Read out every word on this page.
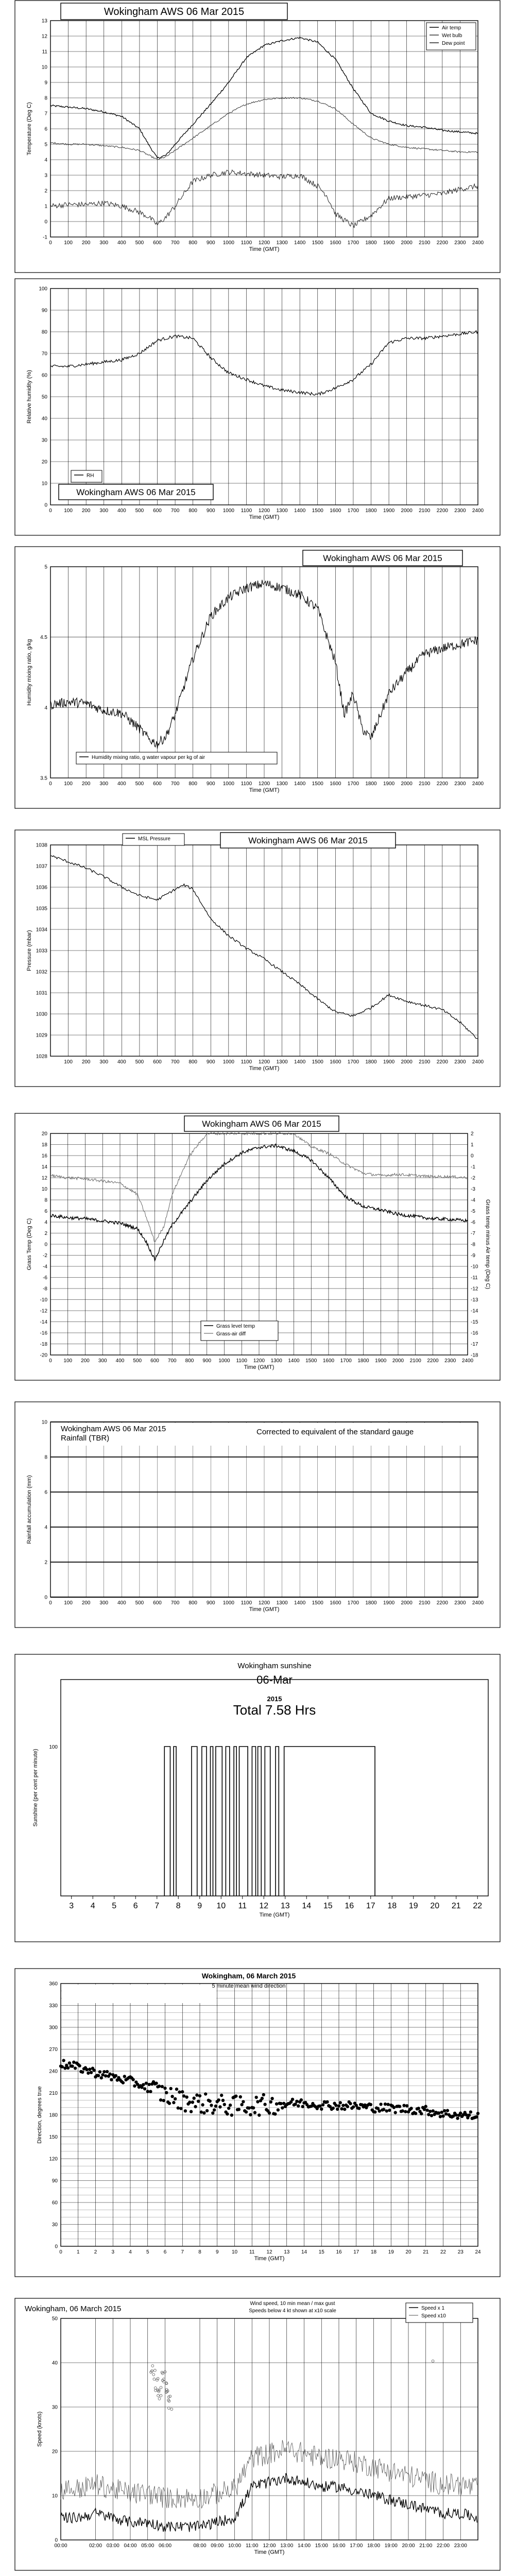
-1
0
1
2
3
4
5
6
7
8
9
10
11
12
13
0 100 200 300 400 500 600 700 800 900 1000 1100 1200 1300 1400 1500 1600 1700 1800 1900 2000 2100 2200 2300 2400
Time (GMT)
Temperature (Deg C)
Wokingham AWS 06 Mar 2015
Air temp
Wet bulb
Dew point
0
10
20
30
40
50
60
70
80
90
100
0 100 200 300 400 500 600 700 800 900 1000 1100 1200 1300 1400 1500 1600 1700 1800 1900 2000 2100 2200 2300 2400
Time (GMT)
Relative humidity (%)
RH
Wokingham AWS 06 Mar 2015
3.5
4
4.5
5
0 100 200 300 400 500 600 700 800 900 1000 1100 1200 1300 1400 1500 1600 1700 1800 1900 2000 2100 2200 2300 2400
Time (GMT)
Humidity mixing ratio, g/kg
Wokingham AWS 06 Mar 2015
Humidity mixing ratio, g water vapour per kg of air
1028
1029
1030
1031
1032
1033
1034
1035
1036
1037
1038
100 200 300 400 500 600 700 800 900 1000 1100 1200 1300 1400 1500 1600 1700 1800 1900 2000 2100 2200 2300 2400
Time (GMT)
Pressure (mbar)
MSL Pressure	Wokingham AWS 06 Mar 2015
-20
-18
-16
-14
-12
-10
-8
-6
-4
-2
0
2
4
6
8
10
12
14
16
18
20
0 100 200 300 400 500 600 700 800 900 1000 1100 1200 1300 1400 1500 1600 1700 1800 1900 2000 2100 2200 2300 2400
Time (GMT)
Grass Temp (Deg C)
-18
-17
-16
-15
-14
-13
-12
-11
-10
-9
-8
-7
-6
-5
-4
-3
-2
-1
0
1
2
Grass temp minus Air temp (Deg C)
Wokingham AWS 06 Mar 2015
Grass level temp
Grass-air diff
0
2
4
6
8
10
0 100 200 300 400 500 600 700 800 900 1000 1100 1200 1300 1400 1500 1600 1700 1800 1900 2000 2100 2200 2300 2400
Time (GMT)
Rainfall accumulation (mm)
Wokingham AWS 06 Mar 2015
Rainfall (TBR)
Corrected to equivalent of the standard gauge
3 4 5 6 7 8 9 10 11 12 13 14 15 16 17 18 19 20 21 22
100
Time (GMT)
Sunshine (per cent per minute)
Wokingham sunshine
06-Mar
2015
Total 7.58 Hrs
0
30
60
90
120
150
180
210
240
270
300
330
360
0	1	2	3	4	5	6	7	8	9	10 11 12 13 14 15 16 17 18 19 20 21 22 23 24
Time (GMT)
Direction, degrees true
Wokingham, 06 March 2015
5 minute mean wind direction
0
10
20
30
40
50
00:00	02:00 03:00 04:00 05:00 06:00	08:00 09:00 10:00 11:00 12:00 13:00 14:00 15:00 16:00 17:00 18:00 19:00 20:00 21:00 22:00 23:00
Time (GMT)
Speed (knots)
Wokingham, 06 March 2015
Wind speed, 10 min mean / max gust
Speeds below 4 kt shown at x10 scale	Speed x 1
Speed x10
